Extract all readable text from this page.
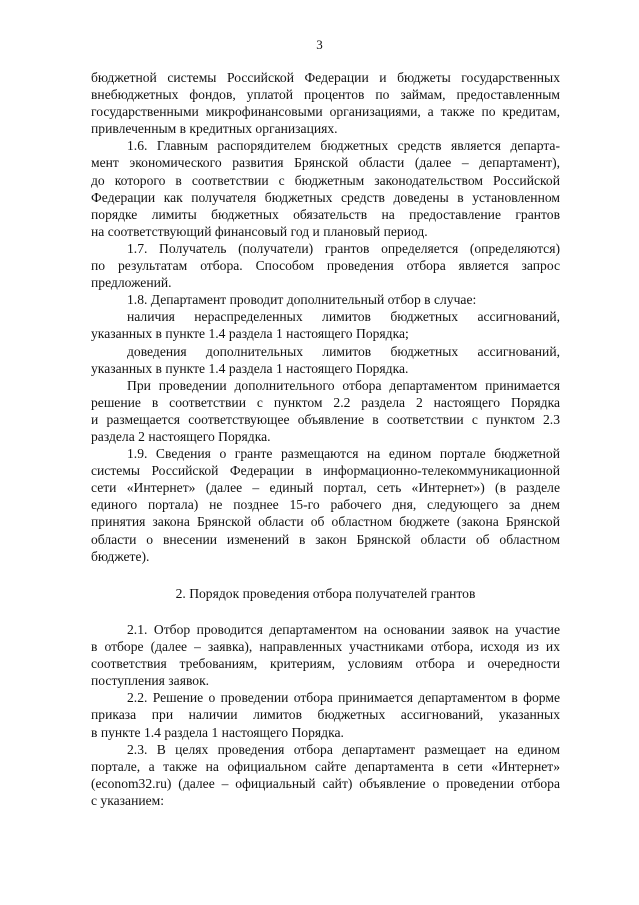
3

бюджетной системы Российской Федерации и бюджеты государственных

внебюджетных фондов, уплатой процентов по займам, предоставленным

государственными микрофинансовыми организациями, а также по кредитам,

привлеченным в кредитных организациях.

1.6. Главным распорядителем бюджетных средств является департа-

мент экономического развития Брянской области (далее – департамент),

до которого в соответствии с бюджетным законодательством Российской

Федерации как получателя бюджетных средств доведены в установленном

порядке лимиты бюджетных обязательств на предоставление грантов

на соответствующий финансовый год и плановый период.

1.7. Получатель (получатели) грантов определяется (определяются)

по результатам отбора. Способом проведения отбора является запрос

предложений.

1.8. Департамент проводит дополнительный отбор в случае:

наличия нераспределенных лимитов бюджетных ассигнований,

указанных в пункте 1.4 раздела 1 настоящего Порядка;

доведения дополнительных лимитов бюджетных ассигнований,

указанных в пункте 1.4 раздела 1 настоящего Порядка.

При проведении дополнительного отбора департаментом принимается

решение в соответствии с пунктом 2.2 раздела 2 настоящего Порядка

и размещается соответствующее объявление в соответствии с пунктом 2.3

раздела 2 настоящего Порядка.

1.9. Сведения о гранте размещаются на едином портале бюджетной

системы Российской Федерации в информационно-телекоммуникационной

сети «Интернет» (далее – единый портал, сеть «Интернет») (в разделе

единого портала) не позднее 15-го рабочего дня, следующего за днем

принятия закона Брянской области об областном бюджете (закона Брянской

области о внесении изменений в закон Брянской области об областном

бюджете).

2. Порядок проведения отбора получателей грантов

2.1. Отбор проводится департаментом на основании заявок на участие

в отборе (далее – заявка), направленных участниками отбора, исходя из их

соответствия требованиям, критериям, условиям отбора и очередности

поступления заявок.

2.2. Решение о проведении отбора принимается департаментом в форме

приказа при наличии лимитов бюджетных ассигнований, указанных

в пункте 1.4 раздела 1 настоящего Порядка.

2.3. В целях проведения отбора департамент размещает на едином

портале, а также на официальном сайте департамента в сети «Интернет»

(econom32.ru) (далее – официальный сайт) объявление о проведении отбора

с указанием:
